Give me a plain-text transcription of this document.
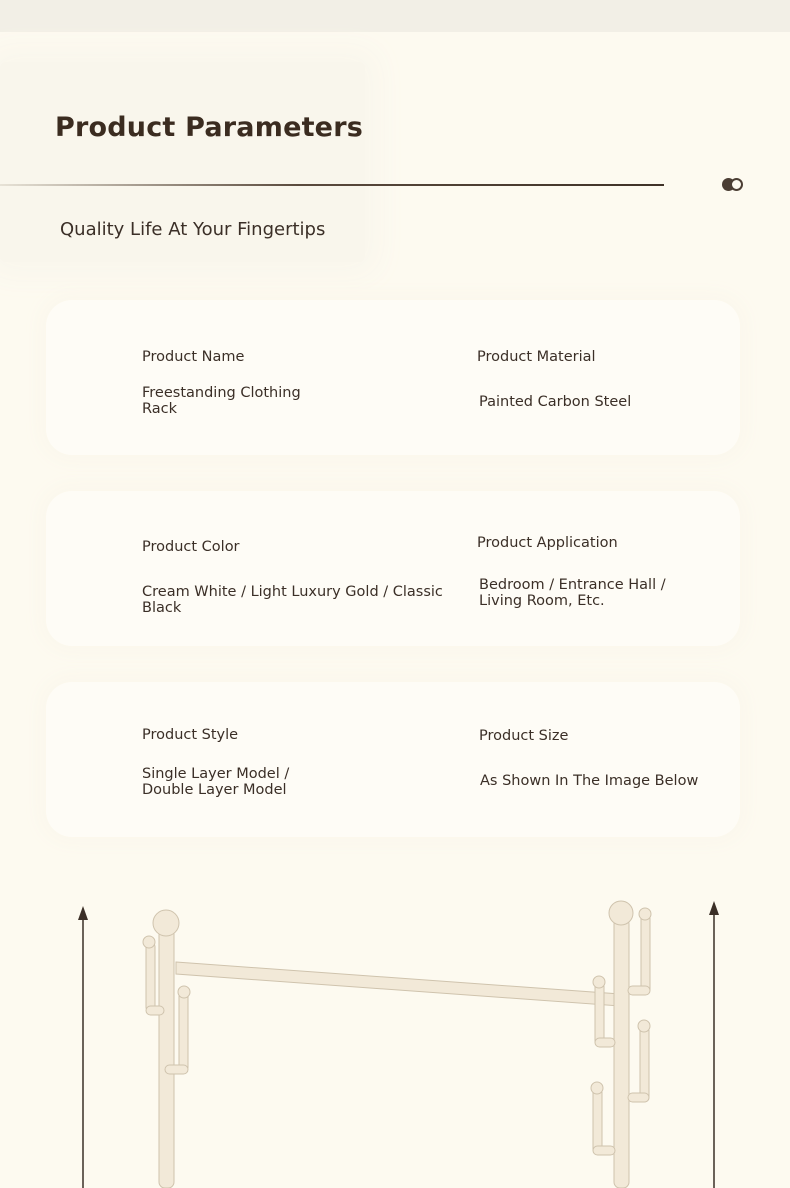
Product Parameters
Quality Life At Your Fingertips
Product Name
Freestanding Clothing Rack
Product Material
Painted Carbon Steel
Product Color
Cream White / Light Luxury Gold / Classic Black
Product Application
Bedroom / Entrance Hall / Living Room, Etc.
Product Style
Single Layer Model / Double Layer Model
Product Size
As Shown In The Image Below
